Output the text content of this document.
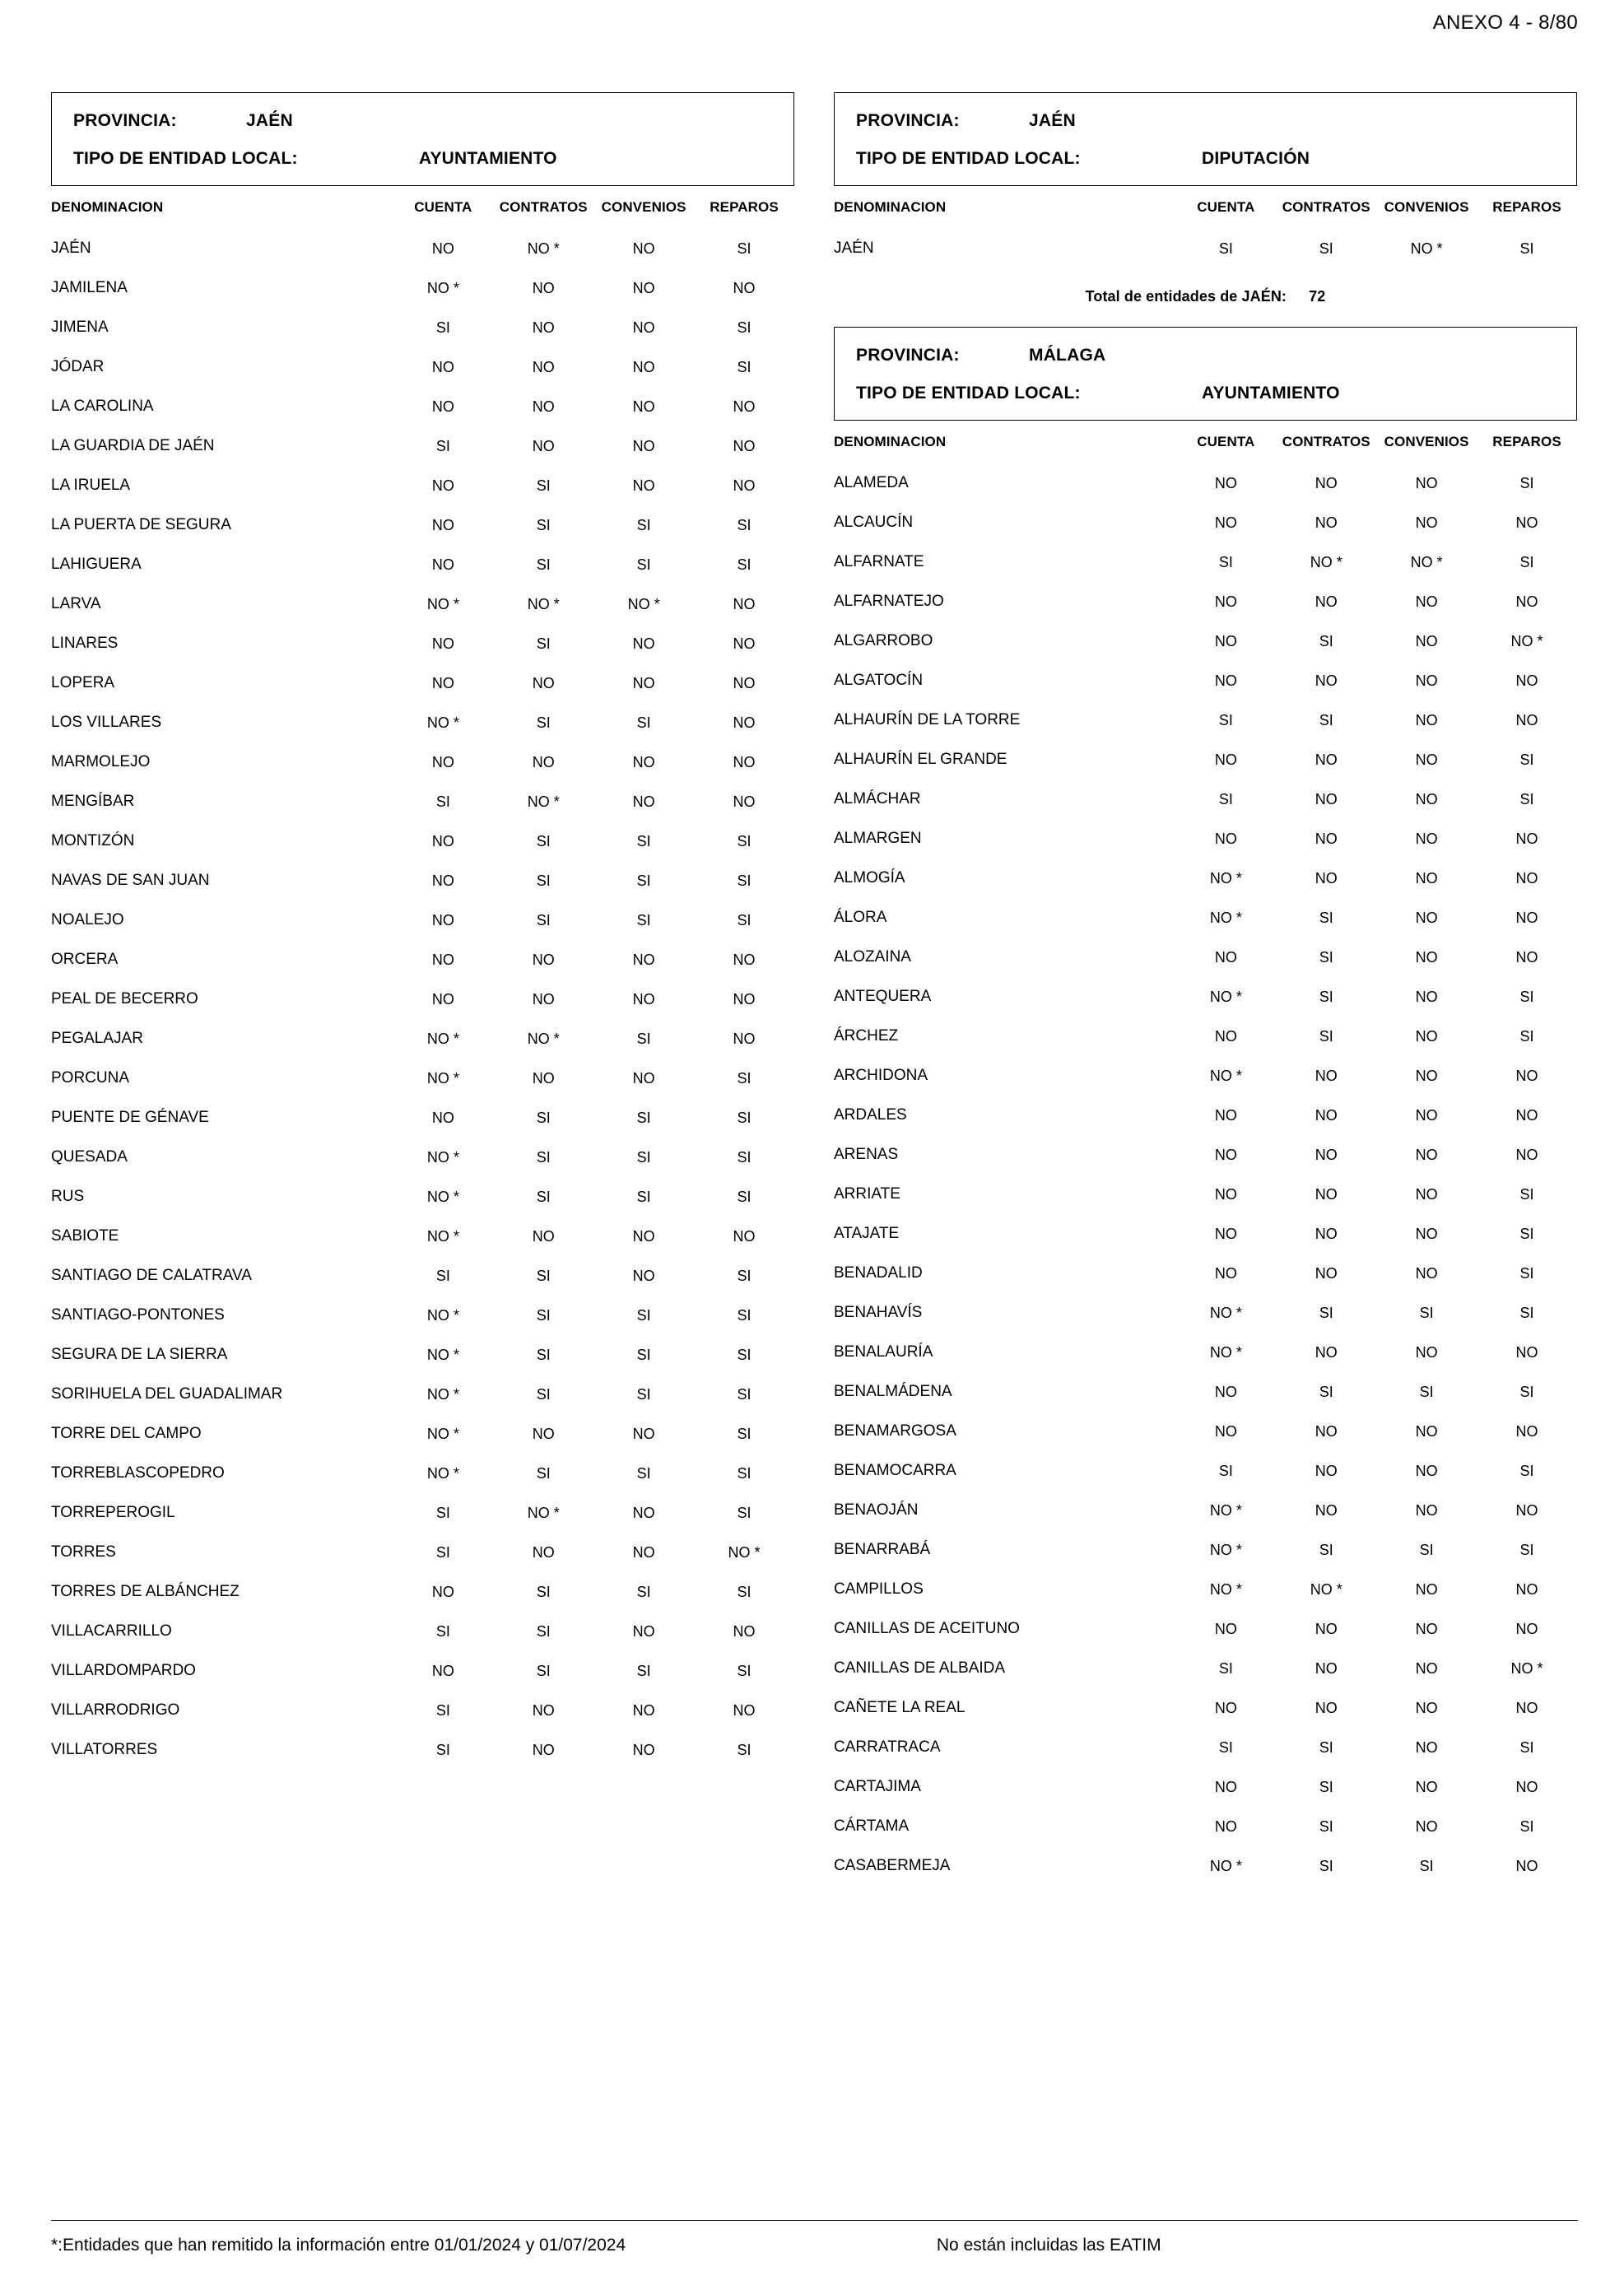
ANEXO 4 - 8/80
PROVINCIA:	JAÉN
TIPO DE ENTIDAD LOCAL:	AYUNTAMIENTO
DENOMINACION	CUENTA	CONTRATOS	CONVENIOS	REPAROS
JAÉN	NO	NO *	NO	SI
JAMILENA	NO *	NO	NO	NO
JIMENA	SI	NO	NO	SI
JÓDAR	NO	NO	NO	SI
LA CAROLINA	NO	NO	NO	NO
LA GUARDIA DE JAÉN	SI	NO	NO	NO
LA IRUELA	NO	SI	NO	NO
LA PUERTA DE SEGURA	NO	SI	SI	SI
LAHIGUERA	NO	SI	SI	SI
LARVA	NO *	NO *	NO *	NO
LINARES	NO	SI	NO	NO
LOPERA	NO	NO	NO	NO
LOS VILLARES	NO *	SI	SI	NO
MARMOLEJO	NO	NO	NO	NO
MENGÍBAR	SI	NO *	NO	NO
MONTIZÓN	NO	SI	SI	SI
NAVAS DE SAN JUAN	NO	SI	SI	SI
NOALEJO	NO	SI	SI	SI
ORCERA	NO	NO	NO	NO
PEAL DE BECERRO	NO	NO	NO	NO
PEGALAJAR	NO *	NO *	SI	NO
PORCUNA	NO *	NO	NO	SI
PUENTE DE GÉNAVE	NO	SI	SI	SI
QUESADA	NO *	SI	SI	SI
RUS	NO *	SI	SI	SI
SABIOTE	NO *	NO	NO	NO
SANTIAGO DE CALATRAVA	SI	SI	NO	SI
SANTIAGO-PONTONES	NO *	SI	SI	SI
SEGURA DE LA SIERRA	NO *	SI	SI	SI
SORIHUELA DEL GUADALIMAR	NO *	SI	SI	SI
TORRE DEL CAMPO	NO *	NO	NO	SI
TORREBLASCOPEDRO	NO *	SI	SI	SI
TORREPEROGIL	SI	NO *	NO	SI
TORRES	SI	NO	NO	NO *
TORRES DE ALBÁNCHEZ	NO	SI	SI	SI
VILLACARRILLO	SI	SI	NO	NO
VILLARDOMPARDO	NO	SI	SI	SI
VILLARRODRIGO	SI	NO	NO	NO
VILLATORRES	SI	NO	NO	SI
PROVINCIA:	JAÉN
TIPO DE ENTIDAD LOCAL:	DIPUTACIÓN
DENOMINACION	CUENTA	CONTRATOS	CONVENIOS	REPAROS
JAÉN	SI	SI	NO *	SI
Total de entidades de JAÉN: 72
PROVINCIA:	MÁLAGA
TIPO DE ENTIDAD LOCAL:	AYUNTAMIENTO
DENOMINACION	CUENTA	CONTRATOS	CONVENIOS	REPAROS
ALAMEDA	NO	NO	NO	SI
ALCAUCÍN	NO	NO	NO	NO
ALFARNATE	SI	NO *	NO *	SI
ALFARNATEJO	NO	NO	NO	NO
ALGARROBO	NO	SI	NO	NO *
ALGATOCÍN	NO	NO	NO	NO
ALHAURÍN DE LA TORRE	SI	SI	NO	NO
ALHAURÍN EL GRANDE	NO	NO	NO	SI
ALMÁCHAR	SI	NO	NO	SI
ALMARGEN	NO	NO	NO	NO
ALMOGÍA	NO *	NO	NO	NO
ÁLORA	NO *	SI	NO	NO
ALOZAINA	NO	SI	NO	NO
ANTEQUERA	NO *	SI	NO	SI
ÁRCHEZ	NO	SI	NO	SI
ARCHIDONA	NO *	NO	NO	NO
ARDALES	NO	NO	NO	NO
ARENAS	NO	NO	NO	NO
ARRIATE	NO	NO	NO	SI
ATAJATE	NO	NO	NO	SI
BENADALID	NO	NO	NO	SI
BENAHAVÍS	NO *	SI	SI	SI
BENALAURÍA	NO *	NO	NO	NO
BENALMÁDENA	NO	SI	SI	SI
BENAMARGOSA	NO	NO	NO	NO
BENAMOCARRA	SI	NO	NO	SI
BENAOJÁN	NO *	NO	NO	NO
BENARRABÁ	NO *	SI	SI	SI
CAMPILLOS	NO *	NO *	NO	NO
CANILLAS DE ACEITUNO	NO	NO	NO	NO
CANILLAS DE ALBAIDA	SI	NO	NO	NO *
CAÑETE LA REAL	NO	NO	NO	NO
CARRATRACA	SI	SI	NO	SI
CARTAJIMA	NO	SI	NO	NO
CÁRTAMA	NO	SI	NO	SI
CASABERMEJA	NO *	SI	SI	NO
*:Entidades que han remitido la información entre 01/01/2024 y 01/07/2024	No están incluidas las EATIM
